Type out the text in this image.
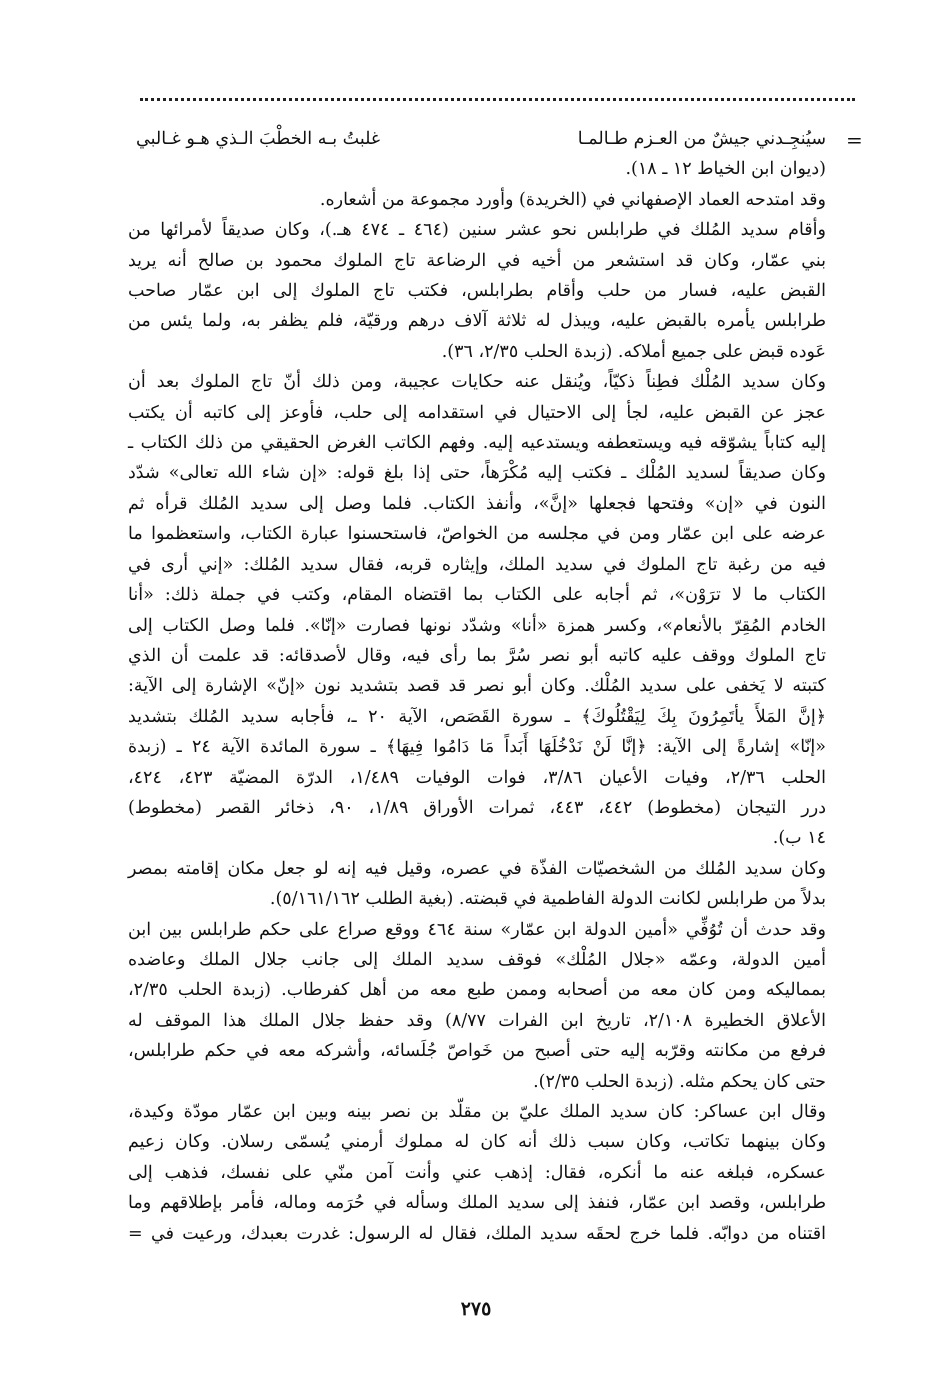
=
سيُنجِـدني جيشٌ من العـزم طـالمـا
غلبتُ بـه الخطْبَ الـذي هـو غـالبي
(ديوان ابن الخياط ١٢ ـ ١٨).
وقد امتدحه العماد الإصفهاني في (الخريدة) وأورد مجموعة من أشعاره.
وأقام سديد المُلك في طرابلس نحو عشر سنين (٤٦٤ ـ ٤٧٤ هـ.)، وكان صديقاً لأمرائها من
بني عمّار، وكان قد استشعر من أخيه في الرضاعة تاج الملوك محمود بن صالح أنه يريد
القبض عليه، فسار من حلب وأقام بطرابلس، فكتب تاج الملوك إلى ابن عمّار صاحب
طرابلس يأمره بالقبض عليه، ويبذل له ثلاثة آلاف درهم ورقيّة، فلم يظفر به، ولما يئس من
عَوده قبض على جميع أملاكه. (زبدة الحلب ٢/٣٥، ٣٦).
وكان سديد المُلْك فطِناً ذكيّاً، ويُنقل عنه حكايات عجيبة، ومن ذلك أنّ تاج الملوك بعد أن
عجز عن القبض عليه، لجأ إلى الاحتيال في استقدامه إلى حلب، فأوعز إلى كاتبه أن يكتب
إليه كتاباً يشوّقه فيه ويستعطفه ويستدعيه إليه. وفهم الكاتب الغرض الحقيقي من ذلك الكتاب ـ
وكان صديقاً لسديد المُلْك ـ فكتب إليه مُكْرَهاً، حتى إذا بلغ قوله: «إن شاء الله تعالى» شدّد
النون في «إن» وفتحها فجعلها «إنَّ»، وأنفذ الكتاب. فلما وصل إلى سديد المُلك قرأه ثم
عرضه على ابن عمّار ومن في مجلسه من الخواصّ، فاستحسنوا عبارة الكتاب، واستعظموا ما
فيه من رغبة تاج الملوك في سديد الملك، وإيثاره قربه، فقال سديد المُلك: «إني أرى في
الكتاب ما لا ترَوْن»، ثم أجابه على الكتاب بما اقتضاه المقام، وكتب في جملة ذلك: «أنا
الخادم المُقِرّ بالأنعام»، وكسر همزة «أنا» وشدّد نونها فصارت «إنّا». فلما وصل الكتاب إلى
تاج الملوك ووقف عليه كاتبه أبو نصر سُرَّ بما رأى فيه، وقال لأصدقائه: قد علمت أن الذي
كتبته لا يَخفى على سديد المُلْك. وكان أبو نصر قد قصد بتشديد نون «إنّ» الإشارة إلى الآية:
﴿إنَّ المَلأَ يأتَمِرُونَ بِكَ لِيَقْتُلُوكَ﴾ ـ سورة القَصَص، الآية ٢٠ ـ، فأجابه سديد المُلك بتشديد
«إنّا» إشارةً إلى الآية: ﴿إنَّا لَنْ نَدْخُلَهَا أَبَداً مَا دَامُوا فِيهَا﴾ ـ سورة المائدة الآية ٢٤ ـ (زبدة
الحلب ٢/٣٦، وفيات الأعيان ٣/٨٦، فوات الوفيات ١/٤٨٩، الدرّة المضيّة ٤٢٣، ٤٢٤،
درر التيجان (مخطوط) ٤٤٢، ٤٤٣، ثمرات الأوراق ١/٨٩، ٩٠، ذخائر القصر (مخطوط)
١٤ ب).
وكان سديد المُلك من الشخصيّات الفذّة في عصره، وقيل فيه إنه لو جعل مكان إقامته بمصر
بدلاً من طرابلس لكانت الدولة الفاطمية في قبضته. (بغية الطلب ٥/١٦١/١٦٢).
وقد حدث أن تُوُفِّي «أمين الدولة ابن عمّار» سنة ٤٦٤ ووقع صراع على حكم طرابلس بين ابن
أمين الدولة، وعمّه «جلال المُلْك» فوقف سديد الملك إلى جانب جلال الملك وعاضده
بمماليكه ومن كان معه من أصحابه وممن طبع معه من أهل كفرطاب. (زبدة الحلب ٢/٣٥،
الأعلاق الخطيرة ٢/١٠٨، تاريخ ابن الفرات ٨/٧٧) وقد حفظ جلال الملك هذا الموقف له
فرفع من مكانته وقرّبه إليه حتى أصبح من خَواصّ جُلَسائه، وأشركه معه في حكم طرابلس،
حتى كان يحكم مثله. (زبدة الحلب ٢/٣٥).
وقال ابن عساكر: كان سديد الملك عليّ بن مقلّد بن نصر بينه وبين ابن عمّار مودّة وكيدة،
وكان بينهما تكاتب، وكان سبب ذلك أنه كان له مملوك أرمني يُسمّى رسلان. وكان زعيم
عسكره، فبلغه عنه ما أنكره، فقال: إذهب عني وأنت آمن منّي على نفسك، فذهب إلى
طرابلس، وقصد ابن عمّار، فنفذ إلى سديد الملك وسأله في حُرَمه وماله، فأمر بإطلاقهم وما
اقتناه من دوابّه. فلما خرج لحقَه سديد الملك، فقال له الرسول: غدرت بعبدك، ورعيت في =
٢٧٥
